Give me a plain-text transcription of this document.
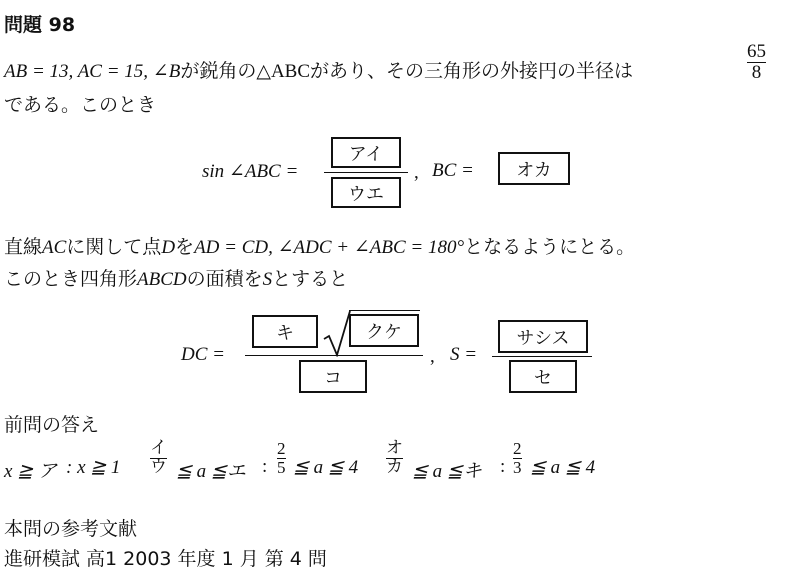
問題 98
AB = 13, AC = 15, ∠Bが鋭角の△ABCがあり、その三角形の外接円の半径は
65
8
である。このとき
sin ∠ABC =
アイ
ウエ
, BC =	オカ
直線ACに関して点DをAD = CD, ∠ADC + ∠ABC = 180°となるようにとる。
このとき四角形ABCDの面積をSとすると
DC =
キ	クケ
コ
, S =
サシス
セ
前問の答え
x ≧ ア : x ≧ 1
イ
ウ ≦ a ≦エ :
2
5 ≦ a ≦ 4
オ
カ ≦ a ≦キ :
2
3 ≦ a ≦ 4
本問の参考文献
進研模試 高1 2003 年度 1 月 第 4 問
